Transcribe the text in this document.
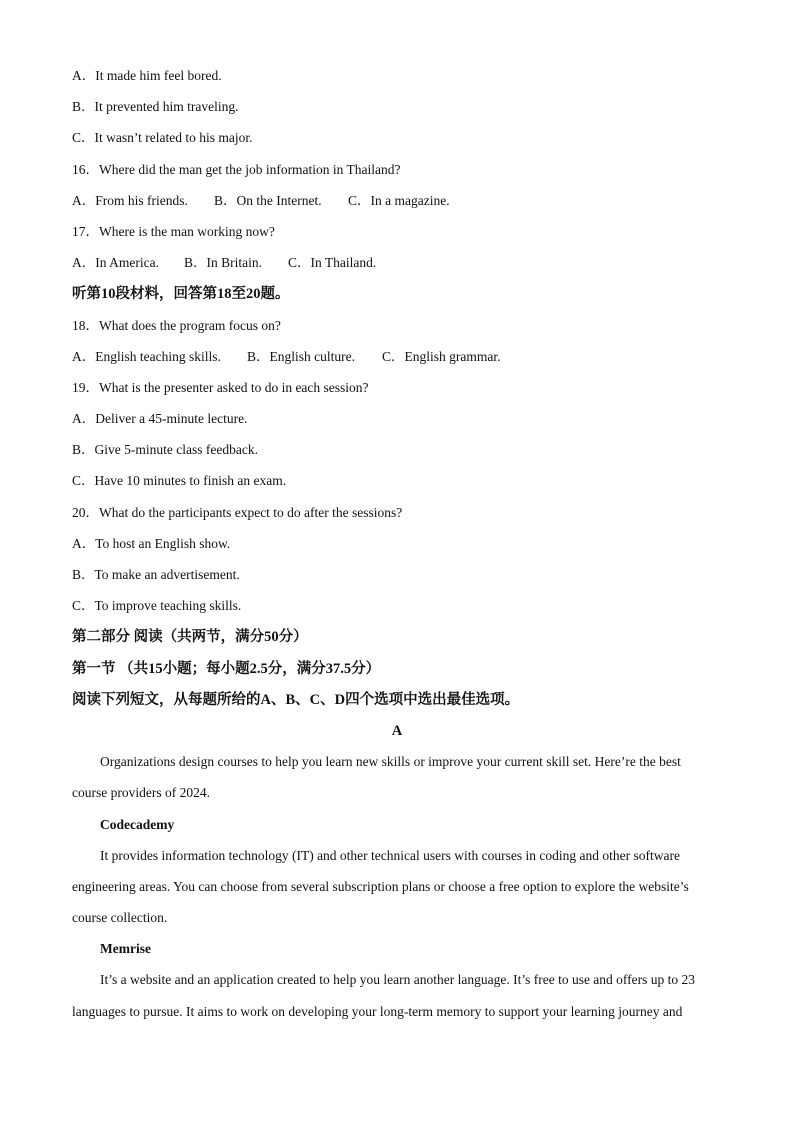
A．It made him feel bored.
B．It prevented him traveling.
C．It wasn’t related to his major.
16．Where did the man get the job information in Thailand?
A．From his friends. B．On the Internet. C．In a magazine.
17．Where is the man working now?
A．In America. B．In Britain. C．In Thailand.
听第10段材料，回答第18至20题。
18．What does the program focus on?
A．English teaching skills. B．English culture. C．English grammar.
19．What is the presenter asked to do in each session?
A．Deliver a 45-minute lecture.
B．Give 5-minute class feedback.
C．Have 10 minutes to finish an exam.
20．What do the participants expect to do after the sessions?
A．To host an English show.
B．To make an advertisement.
C．To improve teaching skills.
第二部分 阅读（共两节，满分50分）
第一节 （共15小题；每小题2.5分，满分37.5分）
阅读下列短文，从每题所给的A、B、C、D四个选项中选出最佳选项。
A
Organizations design courses to help you learn new skills or improve your current skill set. Here’re the best
course providers of 2024.
Codecademy
It provides information technology (IT) and other technical users with courses in coding and other software
engineering areas. You can choose from several subscription plans or choose a free option to explore the website’s
course collection.
Memrise
It’s a website and an application created to help you learn another language. It’s free to use and offers up to 23
languages to pursue. It aims to work on developing your long-term memory to support your learning journey and
